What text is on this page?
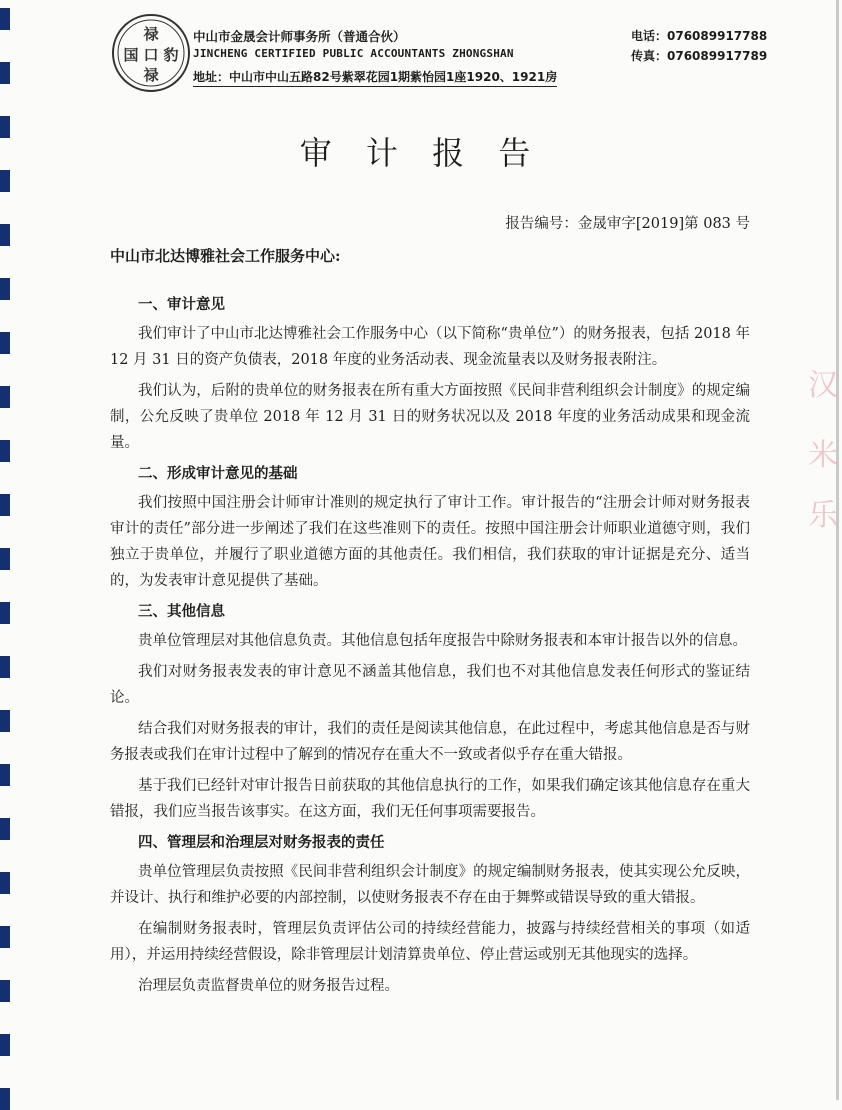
汉
米
乐
禄
国 口 豹
禄
中山市金晟会计师事务所（普通合伙）
JINCHENG CERTIFIED PUBLIC ACCOUNTANTS ZHONGSHAN
地址：中山市中山五路82号紫翠花园1期紫怡园1座1920、1921房
电话：076089917788
传真：076089917789
审 计 报 告
报告编号：金晟审字[2019]第 083 号
中山市北达博雅社会工作服务中心:
一、审计意见

我们审计了中山市北达博雅社会工作服务中心（以下简称“贵单位”）的财务报表，包括 2018 年 12 月 31 日的资产负债表，2018 年度的业务活动表、现金流量表以及财务报表附注。

我们认为，后附的贵单位的财务报表在所有重大方面按照《民间非营利组织会计制度》的规定编制，公允反映了贵单位 2018 年 12 月 31 日的财务状况以及 2018 年度的业务活动成果和现金流量。

二、形成审计意见的基础

我们按照中国注册会计师审计准则的规定执行了审计工作。审计报告的“注册会计师对财务报表审计的责任”部分进一步阐述了我们在这些准则下的责任。按照中国注册会计师职业道德守则，我们独立于贵单位，并履行了职业道德方面的其他责任。我们相信，我们获取的审计证据是充分、适当的，为发表审计意见提供了基础。

三、其他信息

贵单位管理层对其他信息负责。其他信息包括年度报告中除财务报表和本审计报告以外的信息。

我们对财务报表发表的审计意见不涵盖其他信息，我们也不对其他信息发表任何形式的鉴证结论。

结合我们对财务报表的审计，我们的责任是阅读其他信息，在此过程中，考虑其他信息是否与财务报表或我们在审计过程中了解到的情况存在重大不一致或者似乎存在重大错报。

基于我们已经针对审计报告日前获取的其他信息执行的工作，如果我们确定该其他信息存在重大错报，我们应当报告该事实。在这方面，我们无任何事项需要报告。

四、管理层和治理层对财务报表的责任

贵单位管理层负责按照《民间非营利组织会计制度》的规定编制财务报表，使其实现公允反映，并设计、执行和维护必要的内部控制，以使财务报表不存在由于舞弊或错误导致的重大错报。

在编制财务报表时，管理层负责评估公司的持续经营能力，披露与持续经营相关的事项（如适用），并运用持续经营假设，除非管理层计划清算贵单位、停止营运或别无其他现实的选择。

治理层负责监督贵单位的财务报告过程。
